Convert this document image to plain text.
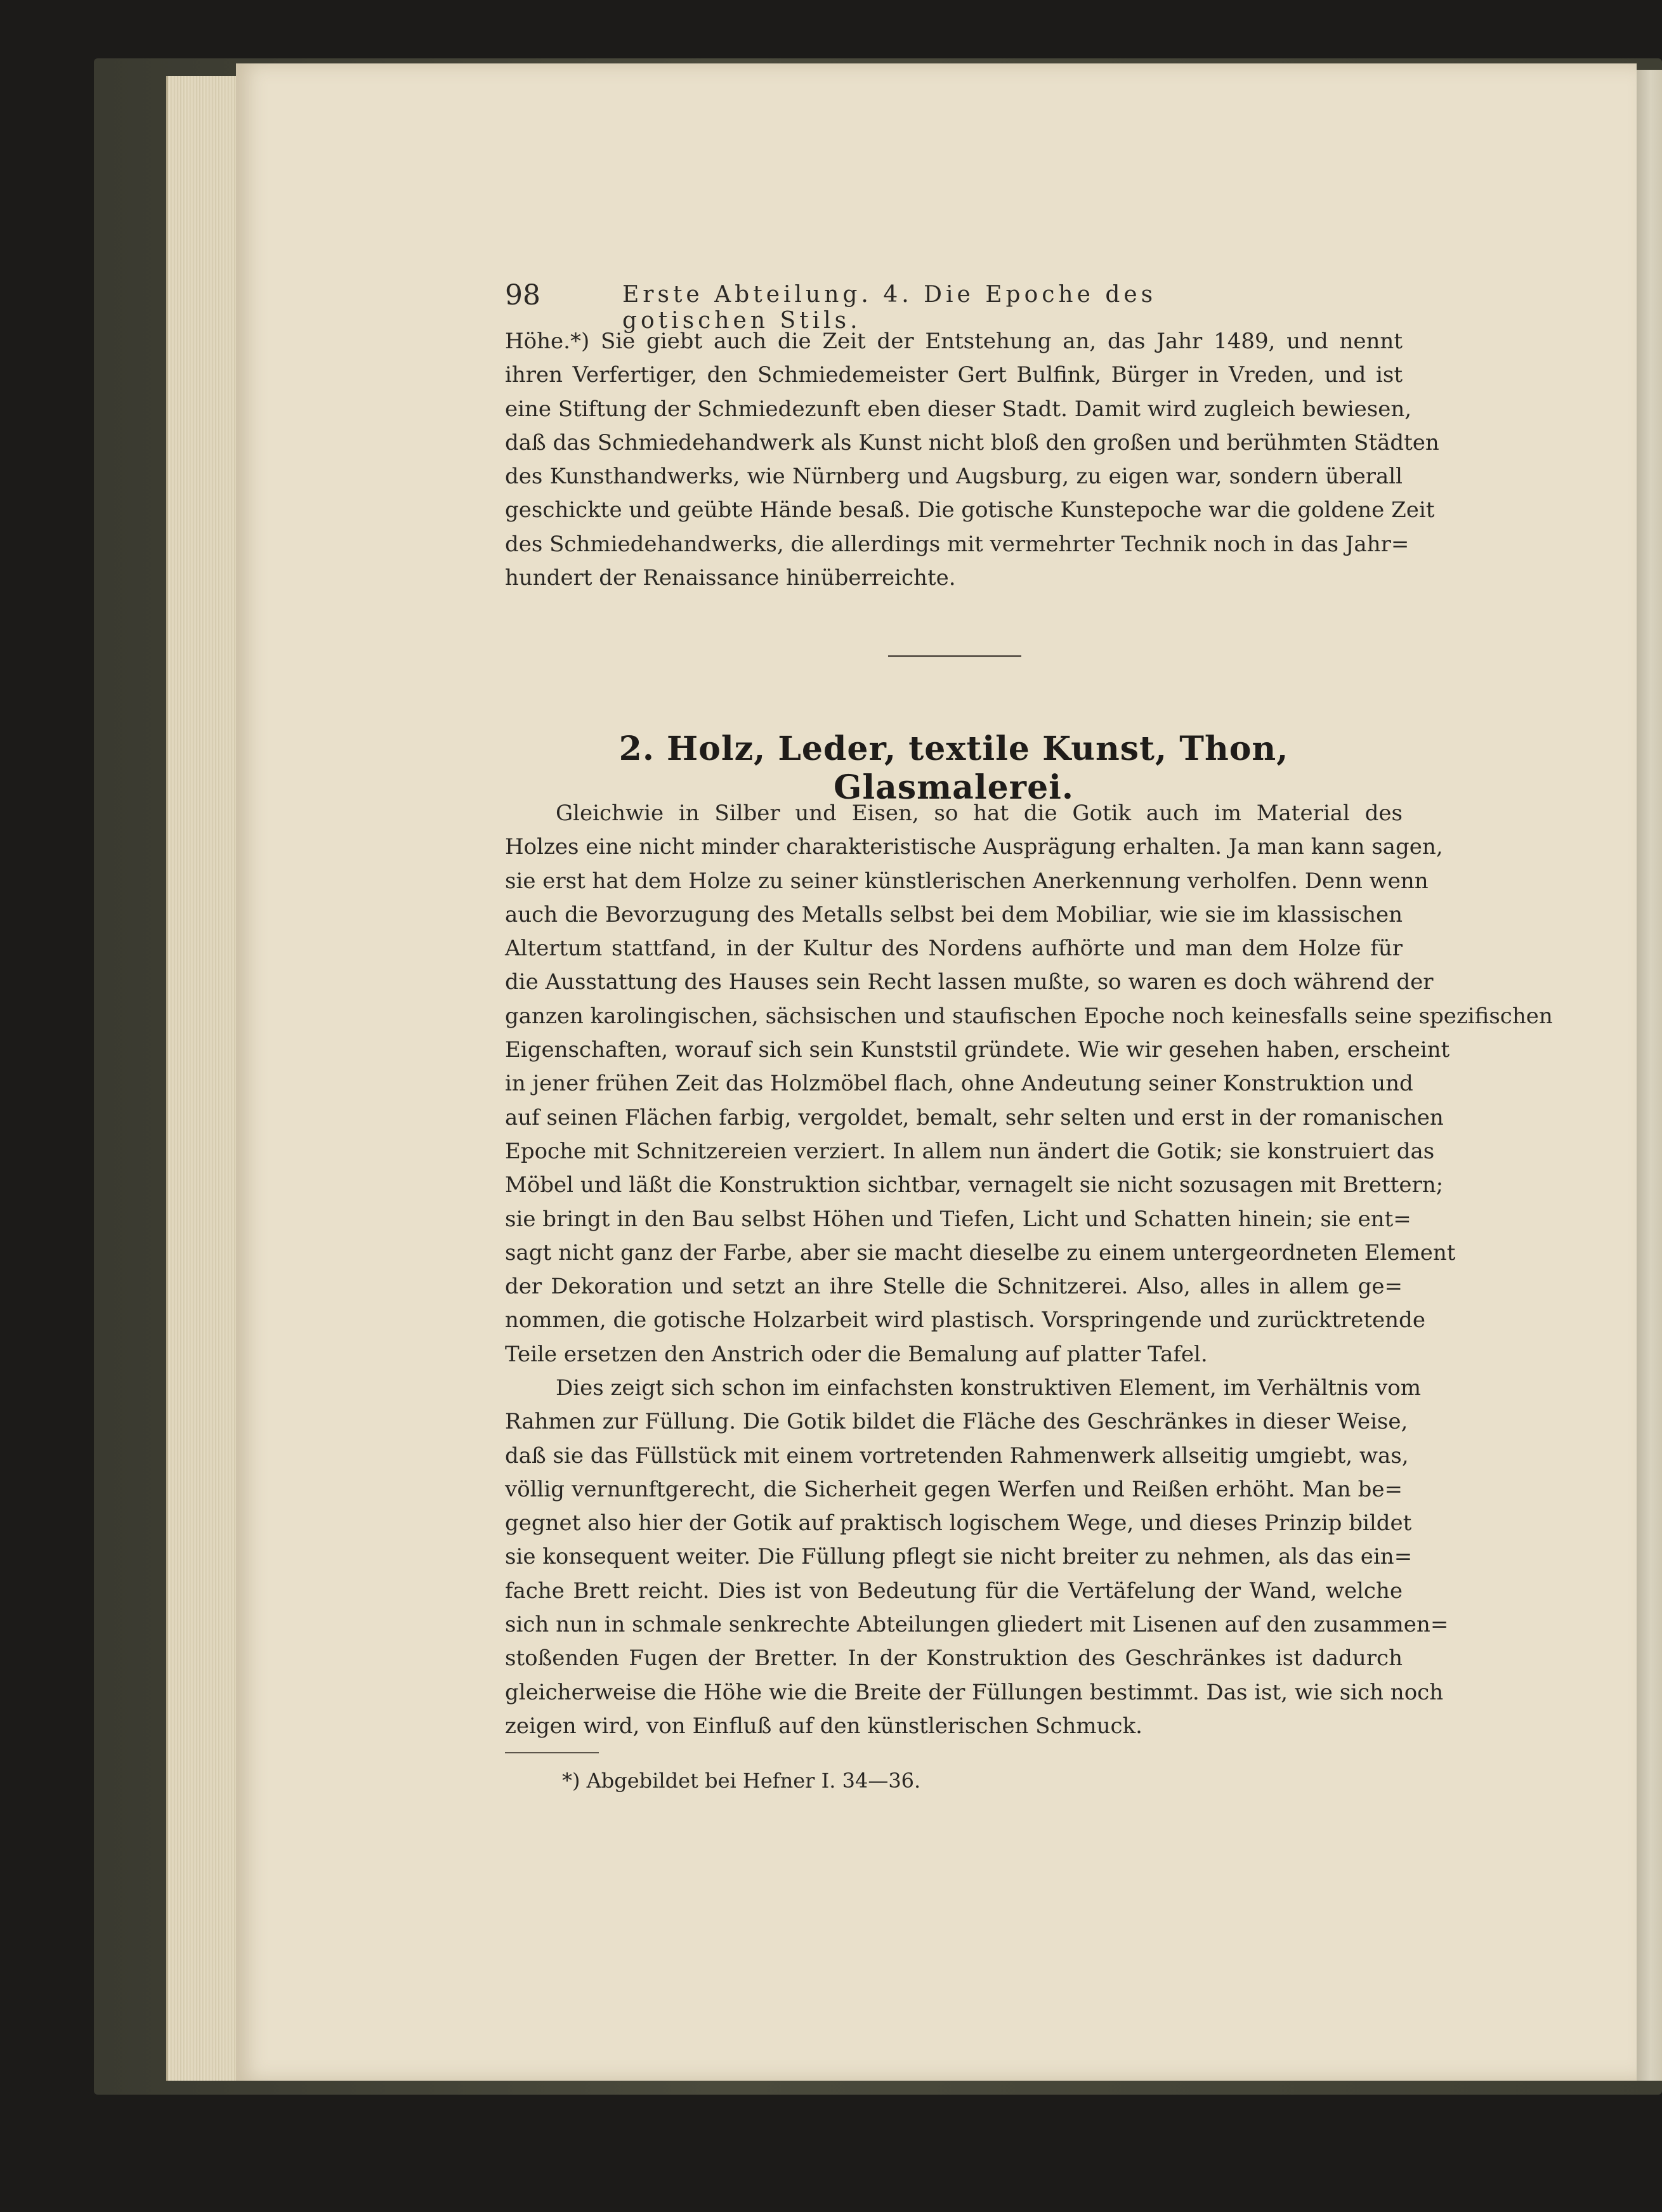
98	Erste Abteilung. 4. Die Epoche des gotischen Stils.
Höhe.*) Sie giebt auch die Zeit der Entstehung an, das Jahr 1489, und nennt
ihren Verfertiger, den Schmiedemeister Gert Bulfink, Bürger in Vreden, und ist
eine Stiftung der Schmiedezunft eben dieser Stadt. Damit wird zugleich bewiesen,
daß das Schmiedehandwerk als Kunst nicht bloß den großen und berühmten Städten
des Kunsthandwerks, wie Nürnberg und Augsburg, zu eigen war, sondern überall
geschickte und geübte Hände besaß. Die gotische Kunstepoche war die goldene Zeit
des Schmiedehandwerks, die allerdings mit vermehrter Technik noch in das Jahr=
hundert der Renaissance hinüberreichte.
2. Holz, Leder, textile Kunst, Thon, Glasmalerei.
Gleichwie in Silber und Eisen, so hat die Gotik auch im Material des
Holzes eine nicht minder charakteristische Ausprägung erhalten. Ja man kann sagen,
sie erst hat dem Holze zu seiner künstlerischen Anerkennung verholfen. Denn wenn
auch die Bevorzugung des Metalls selbst bei dem Mobiliar, wie sie im klassischen
Altertum stattfand, in der Kultur des Nordens aufhörte und man dem Holze für
die Ausstattung des Hauses sein Recht lassen mußte, so waren es doch während der
ganzen karolingischen, sächsischen und staufischen Epoche noch keinesfalls seine spezifischen
Eigenschaften, worauf sich sein Kunststil gründete. Wie wir gesehen haben, erscheint
in jener frühen Zeit das Holzmöbel flach, ohne Andeutung seiner Konstruktion und
auf seinen Flächen farbig, vergoldet, bemalt, sehr selten und erst in der romanischen
Epoche mit Schnitzereien verziert. In allem nun ändert die Gotik; sie konstruiert das
Möbel und läßt die Konstruktion sichtbar, vernagelt sie nicht sozusagen mit Brettern;
sie bringt in den Bau selbst Höhen und Tiefen, Licht und Schatten hinein; sie ent=
sagt nicht ganz der Farbe, aber sie macht dieselbe zu einem untergeordneten Element
der Dekoration und setzt an ihre Stelle die Schnitzerei. Also, alles in allem ge=
nommen, die gotische Holzarbeit wird plastisch. Vorspringende und zurücktretende
Teile ersetzen den Anstrich oder die Bemalung auf platter Tafel.
Dies zeigt sich schon im einfachsten konstruktiven Element, im Verhältnis vom
Rahmen zur Füllung. Die Gotik bildet die Fläche des Geschränkes in dieser Weise,
daß sie das Füllstück mit einem vortretenden Rahmenwerk allseitig umgiebt, was,
völlig vernunftgerecht, die Sicherheit gegen Werfen und Reißen erhöht. Man be=
gegnet also hier der Gotik auf praktisch logischem Wege, und dieses Prinzip bildet
sie konsequent weiter. Die Füllung pflegt sie nicht breiter zu nehmen, als das ein=
fache Brett reicht. Dies ist von Bedeutung für die Vertäfelung der Wand, welche
sich nun in schmale senkrechte Abteilungen gliedert mit Lisenen auf den zusammen=
stoßenden Fugen der Bretter. In der Konstruktion des Geschränkes ist dadurch
gleicherweise die Höhe wie die Breite der Füllungen bestimmt. Das ist, wie sich noch
zeigen wird, von Einfluß auf den künstlerischen Schmuck.
*) Abgebildet bei Hefner I. 34—36.
